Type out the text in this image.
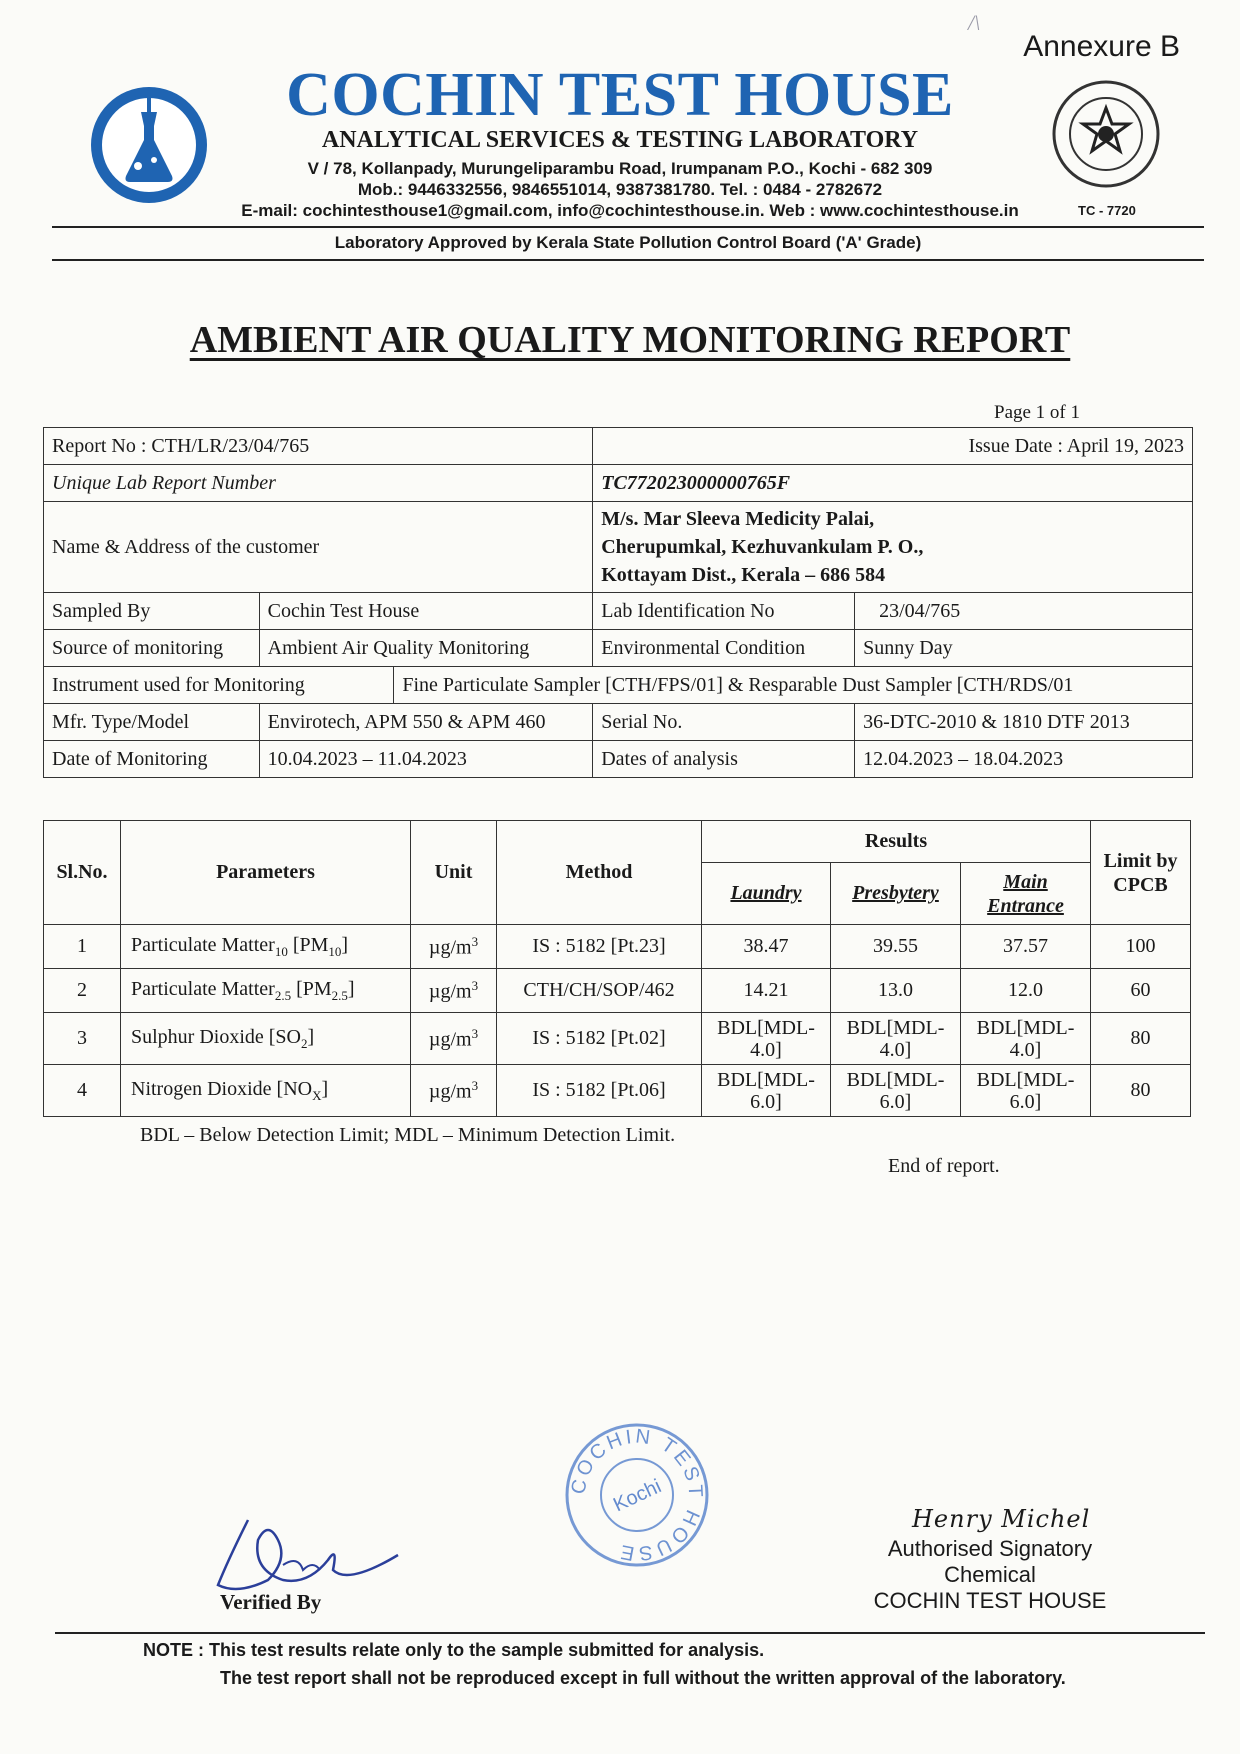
Annexure B
/\
TC - 7720
COCHIN TEST HOUSE
ANALYTICAL SERVICES & TESTING LABORATORY
V / 78, Kollanpady, Murungeliparambu Road, Irumpanam P.O., Kochi - 682 309
Mob.: 9446332556, 9846551014, 9387381780. Tel. : 0484 - 2782672
E-mail: cochintesthouse1@gmail.com, info@cochintesthouse.in. Web : www.cochintesthouse.in
Laboratory Approved by Kerala State Pollution Control Board ('A' Grade)
AMBIENT AIR QUALITY MONITORING REPORT
Page 1 of 1
Report No : CTH/LR/23/04/765			Issue Date : April 19, 2023	
Unique Lab Report Number			TC772023000000765F	
Name & Address of the customer			M/s. Mar Sleeva Medicity Palai,
Cherupumkal, Kezhuvankulam P. O.,
Kottayam Dist., Kerala – 686 584	

Sampled By	Cochin Test House		Lab Identification No	23/04/765
Source of monitoring	Ambient Air Quality Monitoring		Environmental Condition	Sunny Day
Instrument used for Monitoring		Fine Particulate Sampler [CTH/FPS/01] & Resparable Dust Sampler [CTH/RDS/01		
Mfr. Type/Model	Envirotech, APM 550 & APM 460		Serial No.	36-DTC-2010 & 1810 DTF 2013
Date of Monitoring	10.04.2023 – 11.04.2023		Dates of analysis	12.04.2023 – 18.04.2023
Sl.No.	Parameters	Unit	Method	Results			Limit by CPCB
				Laundry	Presbytery	Main Entrance	
1	Particulate Matter$_{10}$ $[PM_{10}]$	$\mu g/m^3$	IS : 5182 [Pt.23]	38.47	39.55	37.57	100
2	Particulate Matter$_{2.5}$ $[PM_{2.5}]$	$\mu g/m^3$	CTH/CH/SOP/462	14.21	13.0	12.0	60
3	Sulphur Dioxide $[SO_2]$	$\mu g/m^3$	IS : 5182 [Pt.02]	BDL[MDL-4.0]	BDL[MDL-4.0]	BDL[MDL-4.0]	80
4	Nitrogen Dioxide $[NO_X]$	$\mu g/m^3$	IS : 5182 [Pt.06]	BDL[MDL-6.0]	BDL[MDL-6.0]	BDL[MDL-6.0]	80
BDL – Below Detection Limit; MDL – Minimum Detection Limit.
End of report.
COCHIN TEST HOUSE
Kochi
Verified By
Henry Michel
Authorised Signatory
Chemical
COCHIN TEST HOUSE
NOTE : This test results relate only to the sample submitted for analysis.
The test report shall not be reproduced except in full without the written approval of the laboratory.
